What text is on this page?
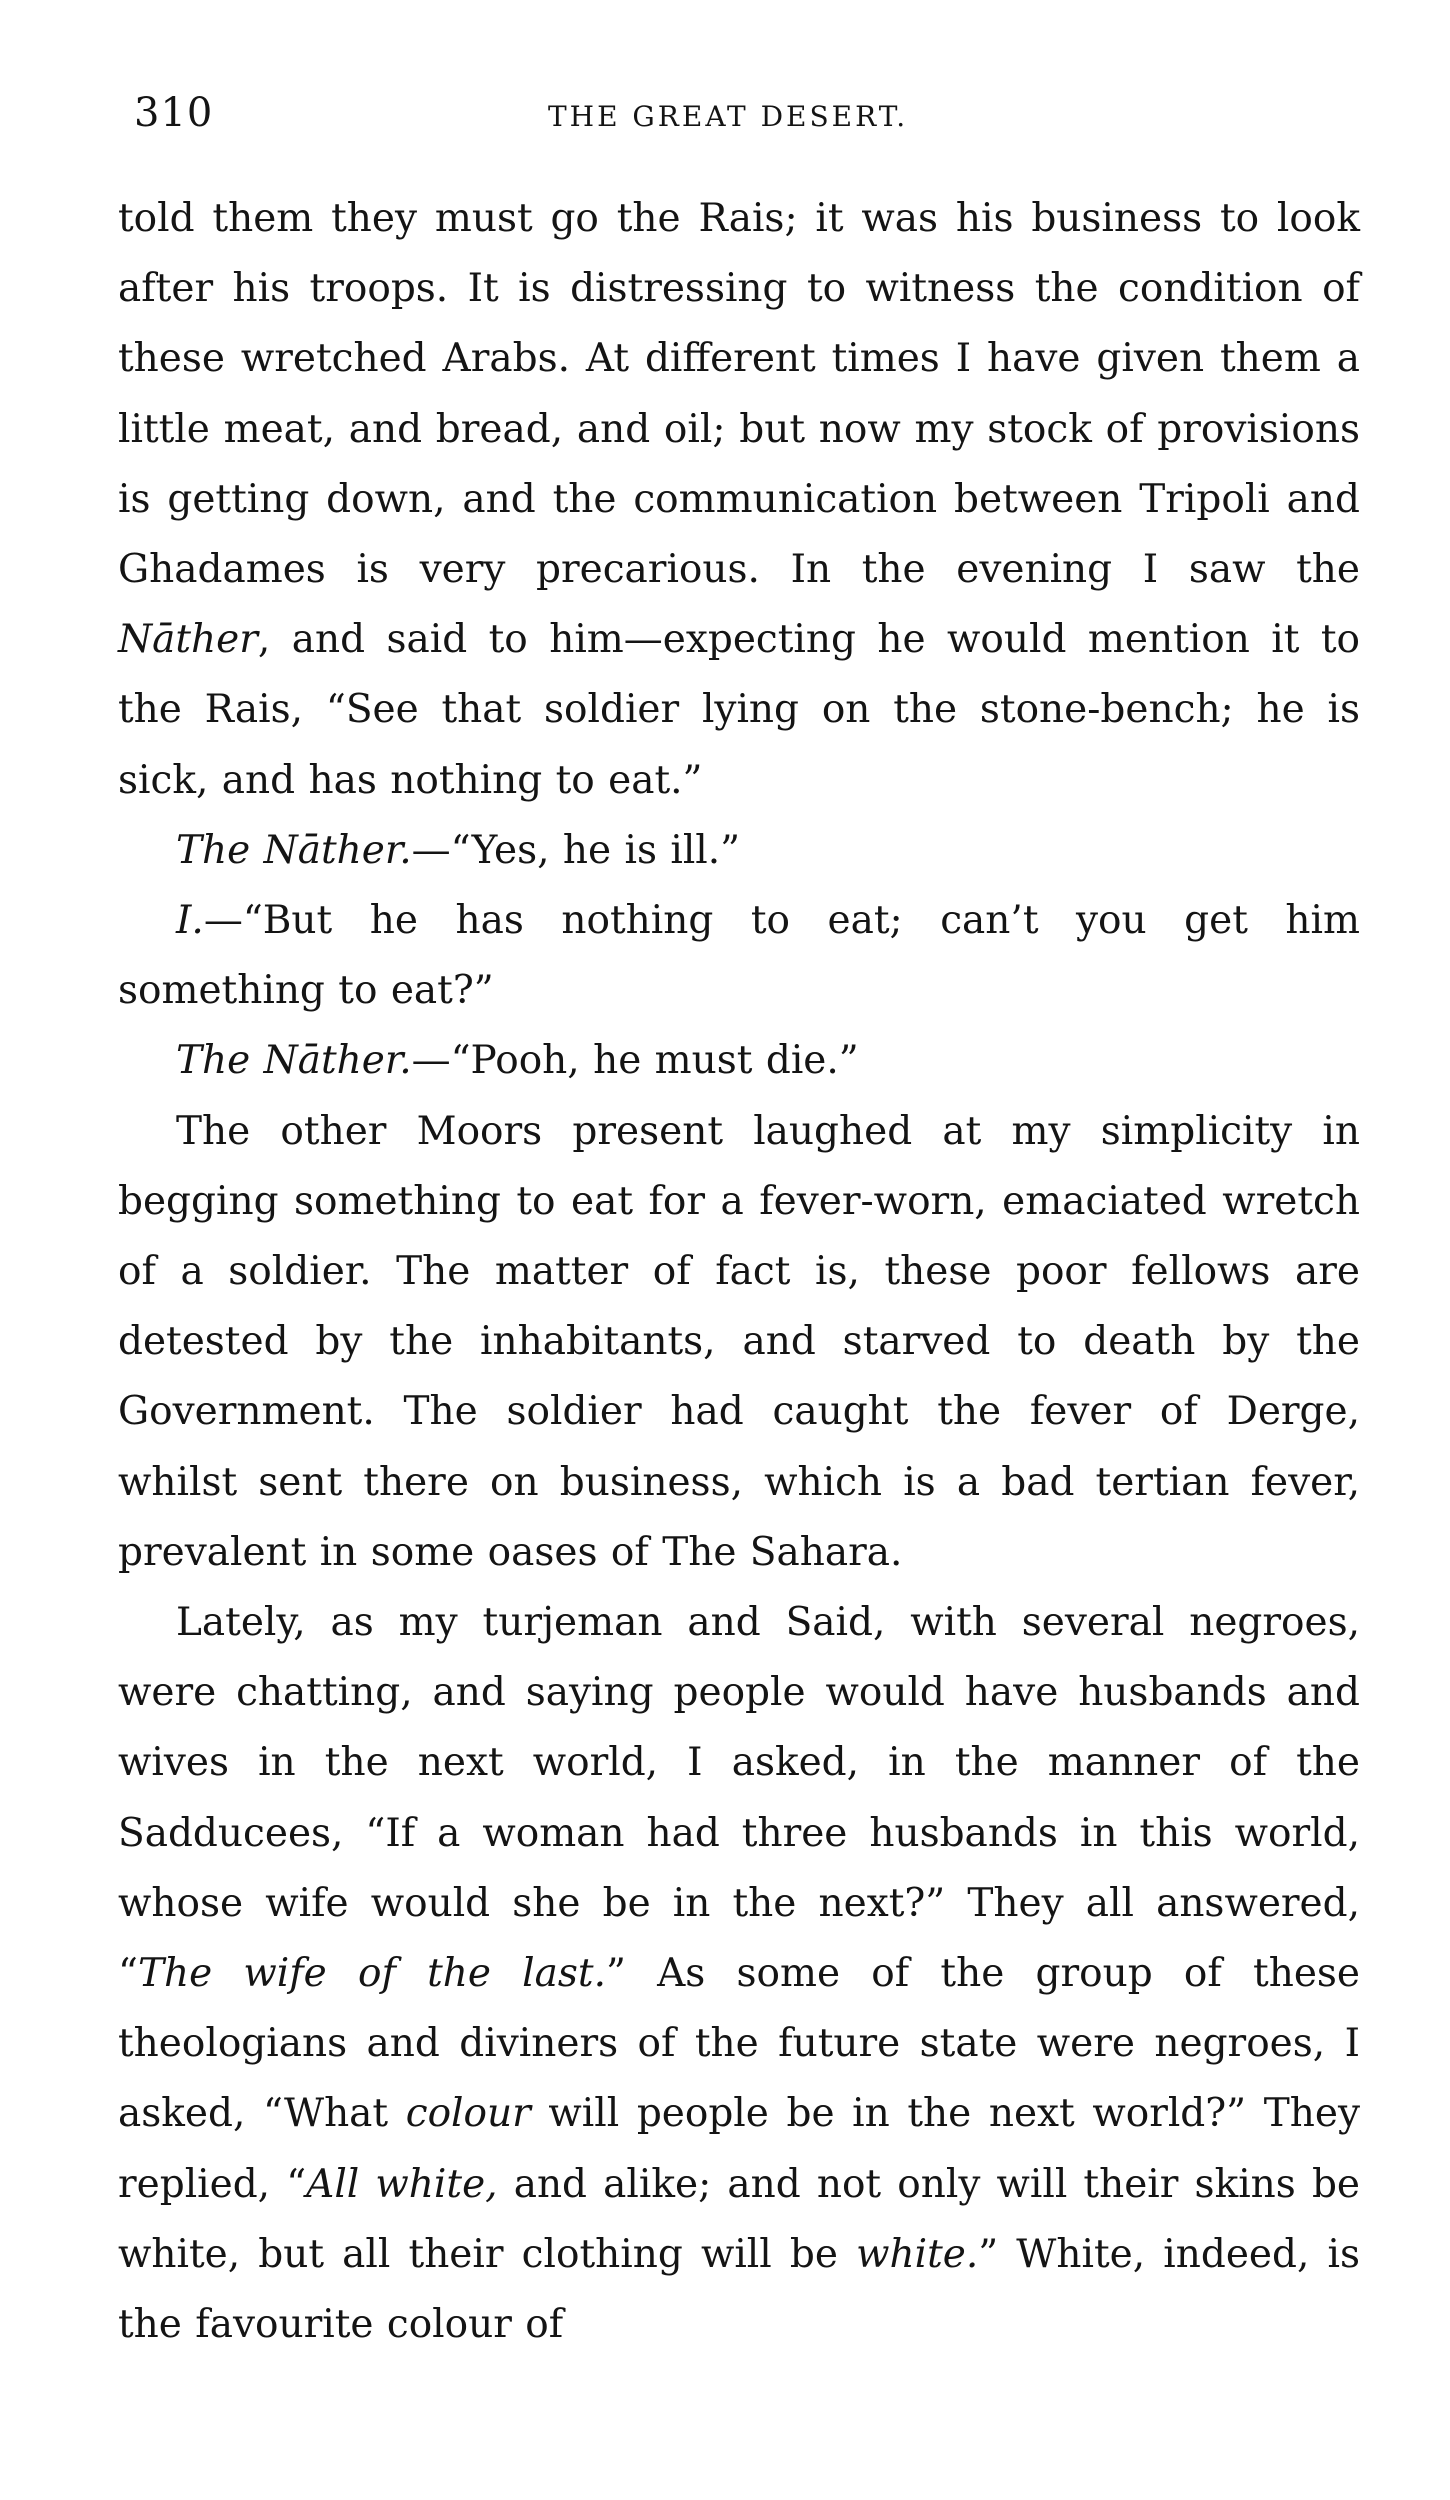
310	THE GREAT DESERT.

told them they must go the Rais; it was his business to look after his troops. It is distressing to witness the condition of these wretched Arabs. At different times I have given them a little meat, and bread, and oil; but now my stock of provisions is getting down, and the communication between Tripoli and Ghadames is very precarious. In the evening I saw the Nāther, and said to him—expecting he would mention it to the Rais, “See that soldier lying on the stone-bench; he is sick, and has nothing to eat.”

The Nāther.—“Yes, he is ill.”

I.—“But he has nothing to eat; can’t you get him something to eat?”

The Nāther.—“Pooh, he must die.”

The other Moors present laughed at my simplicity in begging something to eat for a fever-worn, emaciated wretch of a soldier. The matter of fact is, these poor fellows are detested by the inhabitants, and starved to death by the Government. The soldier had caught the fever of Derge, whilst sent there on business, which is a bad tertian fever, prevalent in some oases of The Sahara.

Lately, as my turjeman and Said, with several negroes, were chatting, and saying people would have husbands and wives in the next world, I asked, in the manner of the Sadducees, “If a woman had three husbands in this world, whose wife would she be in the next?” They all answered, “The wife of the last.” As some of the group of these theologians and diviners of the future state were negroes, I asked, “What colour will people be in the next world?” They replied, “All white, and alike; and not only will their skins be white, but all their clothing will be white.” White, indeed, is the favourite colour of
